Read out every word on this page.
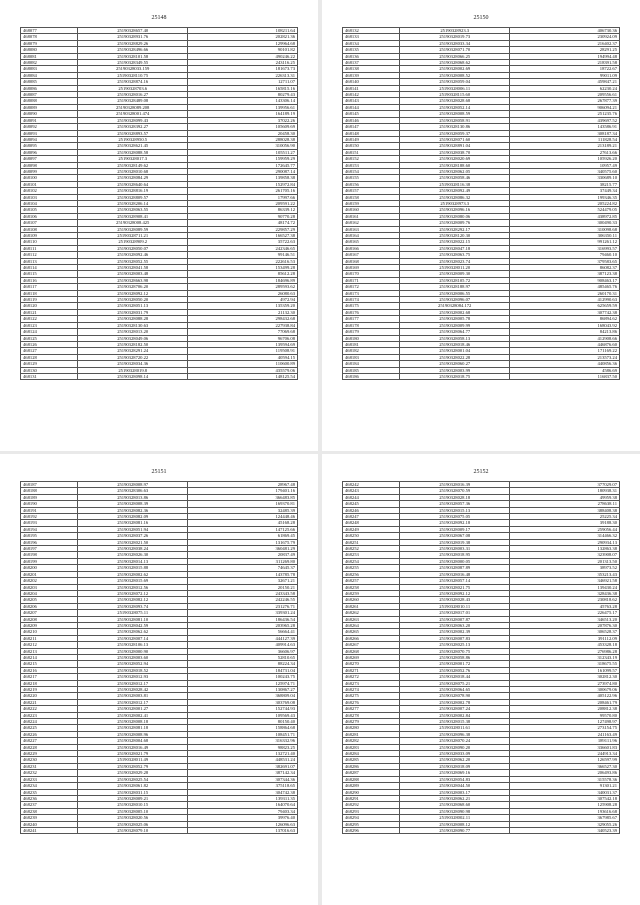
25148
468077	25190328657.40	108211.64
468078	25190328931.76	202821.36
468079	25190328829.26	129964.68
468080	25190328496.66	90101.82
468081	25190328101.58	490246.22
468082	25190328349.55	243116.25
468083	25190328033.159	181673.73
468084	25190328110.75	226313.31
468085	25190328874.16	12711.07
468086	25190328703.6	165815.16
468087	25190328016.27	80279.43
468088	25190328489.08	143306.14
468089	25190328089.208	139956.61
468090	25190328001.474	164189.19
468091	25190328099.43	37022.26
468092	25190328392.27	105609.69
468093	25190328893.57	20458.30
468094	25190328950.5	288028.38
468095	25190328621.45	310056.90
468096	25190328088.58	105511.27
468097	25190328017.3	159959.29
468098	25190328149.62	172645.77
468099	25190328010.68	290087.14
468100	25190328084.29	139858.38
468101	25190328640.64	152972.84
468102	25190328816.19	261705.16
468103	25190328809.57	17997.66
468104	25190328206.14	209591.22
468105	25190328063.55	86339.12
468106	25190328908.41	90770.28
468107	25190328008.425	48174.72
468108	25190328089.59	229857.29
468109	25190328711.21	166527.38
468110	25190328909.2	35722.63
468111	25190328050.07	242346.65
468112	25190328092.46	99146.51
468113	25190328052.55	222616.53
468114	25190328041.58	153499.28
468115	25190328003.48	85612.28
468116	25190328663.98	184696.89
468117	25190328706.20	289593.62
468118	25190328092.12	26080.63
468119	25190328050.20	4972.94
468120	25190328051.13	135359.20
468121	25190328031.79	21132.30
468122	25190328088.28	298432.68
468123	25190328130.63	227938.84
468124	25190328013.20	77069.68
468125	25190328049.06	96706.08
468126	25190328182.50	139594.69
468127	25190328291.24	119508.91
468128	25190328720.22	40594.15
468129	25190328034.36	110600.89
468130	25190328019.8	435579.06
468131	25190328098.14	148125.54
25150
468132	25190328923.3	406730.36
468133	25190328019.73	230924.09
468134	25190328033.34	216402.37
468135	25190328071.70	28291.25
468136	25190328066.25	194994.48
468137	25190328068.62	218391.58
468138	25190328002.69	18722.67
468139	25190328008.52	99011.09
468140	25190328059.04	459847.21
468141	25190328006.11	62230.24
468142	25190328115.60	209556.61
468143	25190328028.68	267877.39
468144	25190328052.14	906094.21
468145	25190328008.59	251235.76
468146	25190328058.91	439697.52
468147	25190328130.86	143586.91
468148	25190328059.37	308187.34
468149	25190328071.60	111828.54
468150	25190328891.04	213189.21
468151	25190328038.70	27613.66
468152	25190328020.69	105926.20
468153	25190328188.60	10957.49
468154	25190328062.05	340575.60
468155	25190328058.46	330689.10
468156	25190328116.38	38215.77
468157	25190328092.49	37449.34
468158	25190328086.32	199346.35
468159	25190328973.3	205224.82
468160	25190328096.16	524479.05
468161	25190328080.06	438972.85
468162	25190328009.76	300490.33
468163	25190328292.17	310098.68
468164	25190328120.30	306350.11
468165	25190328022.15	991261.12
468166	25190328047.18	316993.57
468167	25190328063.75	79460.10
468168	25190328023.74	379583.65
468169	25190328011.20	86082.37
468170	25190328009.30	387123.38
468171	25190328105.72	908463.17
468172	25190328188.97	485465.76
468173	25190328006.55	260170.31
468174	25190328096.07	412990.63
468175	25190328084.172	625659.59
468176	25190328002.68	307742.38
468177	25190328005.78	86894.62
468178	25190328009.99	168043.92
468179	25190328064.77	84213.86
468180	25190328058.13	412908.66
468181	25190328018.46	446876.60
468182	25190328001.04	171169.22
468183	25190328022.28	213573.24
468184	25190328060.27	440856.36
468185	25190328003.99	4586.69
468186	25190328018.75	116837.50
25151
468187	25190328008.97	28967.48
468188	25190328306.63	179401.16
468189	25190328013.86	366483.85
468190	25190328008.39	169370.81
468191	25190328082.36	32485.39
468192	25190328082.09	124448.46
468193	25190328081.16	45168.28
468194	25190328051.94	147125.66
468195	25190328037.26	61869.45
468196	25190328021.50	131675.79
468197	25190328038.24	360481.29
468198	25190328026.30	20837.49
468199	25190328014.13	311269.80
468200	25190328015.88	74645.37
468201	25190328002.62	143785.78
468202	25190328015.69	32671.21
468203	25190328012.56	20150.21
468204	25190328072.12	243343.58
468205	25190328082.12	242246.55
468206	25190328093.74	231276.71
468207	25190328075.11	339301.24
468208	25190328081.10	186436.54
468209	25190328042.59	203965.28
468210	25190328062.62	56664.41
468211	25190328007.14	444127.39
468212	25190328106.13	409914.63
468213	25190328000.90	36606.97
468214	25190328003.60	52810.65
468215	25190328052.94	88224.34
468216	25190328018.52	184731.04
468217	25190328012.93	100243.75
468218	25190328012.17	125974.71
468219	25190328028.42	130867.27
468220	25190328003.81	368809.04
468221	25190328012.17	303769.08
468222	25190328001.27	152744.93
468223	25190328002.41	109569.43
468224	25190328008.18	80150.40
468225	25190328081.18	158864.68
468226	25190328008.96	108451.71
468227	25190328004.68	316332.96
468228	25190328016.49	98823.25
468229	25190328021.79	132721.40
468230	25190328011.49	448531.24
468231	25190328052.79	382691.07
468232	25190328029.28	387142.34
468233	25190328025.54	307344.36
468234	25190328061.82	375118.65
468235	25190328031.15	304742.38
468236	25190328009.21	139311.35
468237	25190328010.15	164070.64
468238	25190328005.10	79403.34
468239	25190328020.56	39976.40
468240	25190328025.06	126096.63
468241	25190328079.10	137016.63
25152
468242	25190328016.39	377029.07
468243	25190328070.59	180938.31
468244	25190328028.18	49959.38
468245	25190328057.36	278638.11
468246	25190328015.13	388408.38
468247	25190328075.05	25225.34
468248	25190328092.18	39188.30
468249	25190328009.17	259056.44
468250	25190328067.08	314466.32
468251	25190328019.38	290934.13
468252	25190328003.31	132863.38
468253	25190328018.95	323908.07
468254	25190328000.05	201313.50
468255	25190328087.89	38973.52
468256	25190328016.48	353213.43
468257	25190328057.14	346921.58
468258	25190328021.75	139430.24
468259	25190328092.12	328436.38
468260	25190328028.43	230818.62
468261	25190328010.11	45763.28
468262	25190328017.01	226475.17
468263	25190328007.87	346513.20
468264	25190328063.20	207876.30
468265	25190328002.39	306528.37
468266	25190328007.83	391112.09
468267	25190328025.13	453328.18
468268	25190328070.75	276986.28
468269	25190328058.86	312343.19
468270	25190328001.72	318675.55
468271	25190328052.76	161099.57
468272	25190328018.44	302812.30
468273	25190328075.21	273974.80
468274	25190328064.65	300679.06
468275	25190328078.90	405122.96
468276	25190328002.78	208461.79
468277	25190328007.24	208812.38
468278	25190328002.84	99570.80
468279	25190328015.38	127498.97
468280	25190328011.61	273154.75
468281	25190328096.38	241163.49
468282	25190328070.24	189111.96
468283	25190328090.20	336601.83
468284	25190328033.09	244913.34
468285	25190328062.20	126597.99
468286	25190328018.09	366527.30
468287	25190328069.16	206493.86
468288	25190328054.83	315578.36
468289	25190328044.50	91301.21
468290	25190328003.17	340031.37
468291	25190328062.21	307542.18
468292	25190328068.60	125908.28
468293	25190328090.98	193616.68
468294	25190328002.11	367985.67
468295	25190328008.12	329055.26
468296	25190328090.77	340523.39
